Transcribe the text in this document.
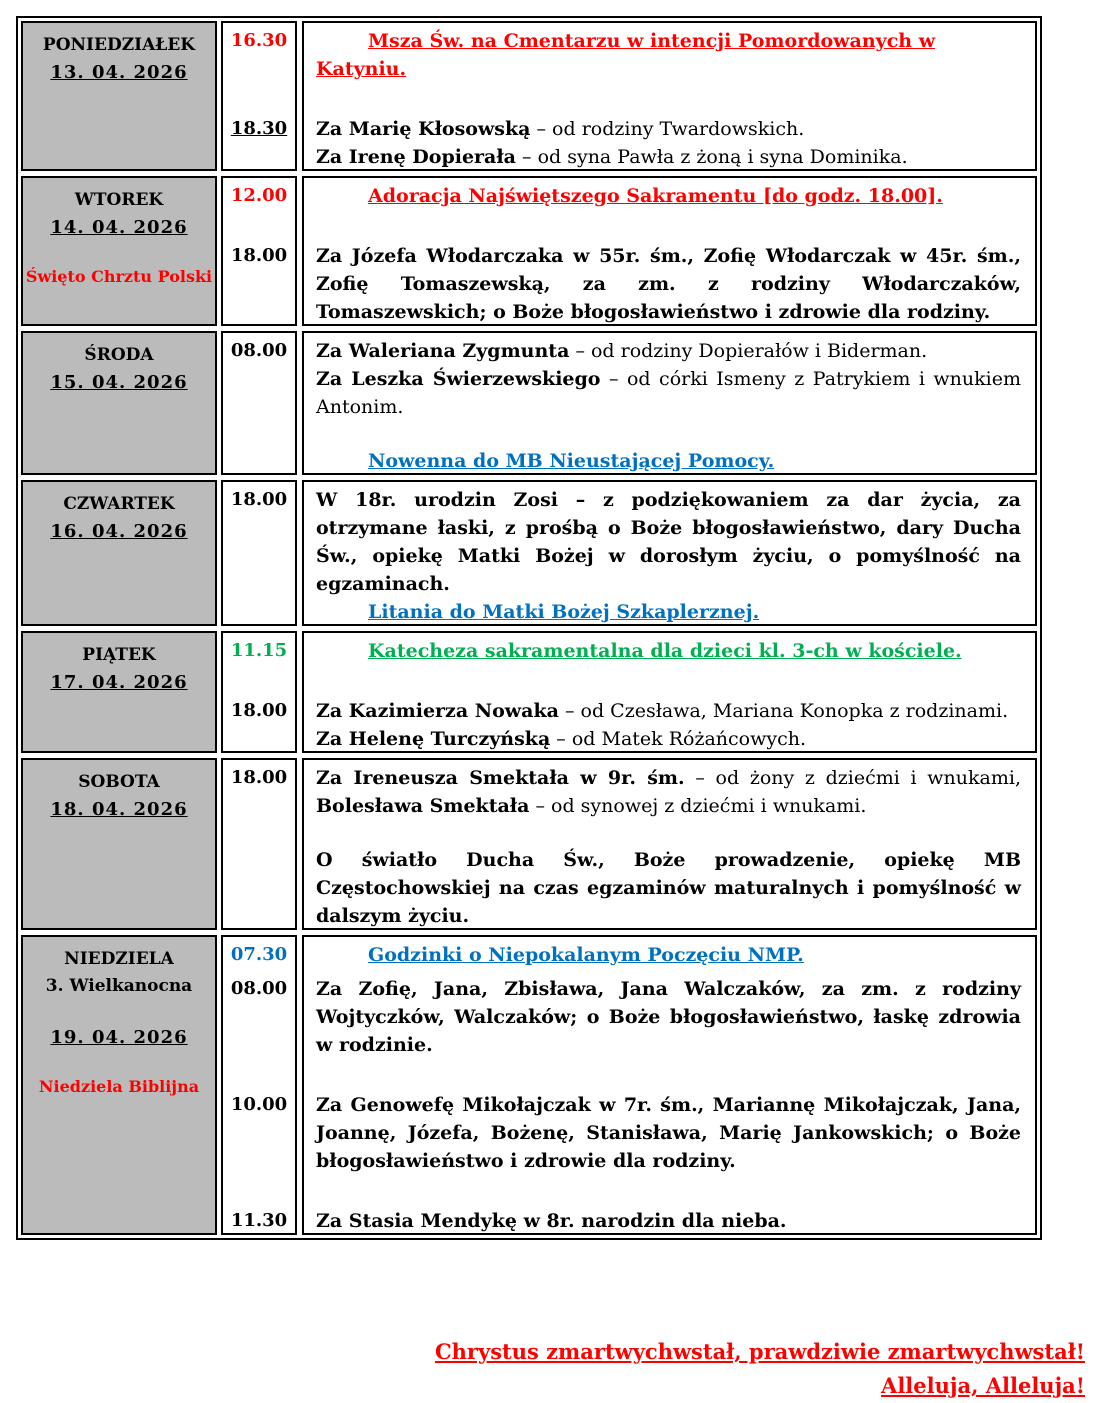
PONIEDZIAŁEK
13. 04. 2026
16.30	Msza Św. na Cmentarzu w intencji Pomordowanych w Katyniu.
18.30	Za Marię Kłosowską – od rodziny Twardowskich.
Za Irenę Dopierała – od syna Pawła z żoną i syna Dominika.
WTOREK
14. 04. 2026
Święto Chrztu Polski
12.00	Adoracja Najświętszego Sakramentu [do godz. 18.00].
18.00	Za Józefa Włodarczaka w 55r. śm., Zofię Włodarczak w 45r. śm., Zofię Tomaszewską, za zm. z rodziny Włodarczaków, Tomaszewskich; o Boże błogosławieństwo i zdrowie dla rodziny.
ŚRODA
15. 04. 2026
08.00	Za Waleriana Zygmunta – od rodziny Dopierałów i Biderman.
Za Leszka Świerzewskiego – od córki Ismeny z Patrykiem i wnukiem Antonim.
Nowenna do MB Nieustającej Pomocy.
CZWARTEK
16. 04. 2026
18.00	W 18r. urodzin Zosi – z podziękowaniem za dar życia, za otrzymane łaski, z prośbą o Boże błogosławieństwo, dary Ducha Św., opiekę Matki Bożej w dorosłym życiu, o pomyślność na egzaminach.
Litania do Matki Bożej Szkaplerznej.
PIĄTEK
17. 04. 2026
11.15	Katecheza sakramentalna dla dzieci kl. 3-ch w kościele.
18.00	Za Kazimierza Nowaka – od Czesława, Mariana Konopka z rodzinami.
Za Helenę Turczyńską – od Matek Różańcowych.
SOBOTA
18. 04. 2026
18.00	Za Ireneusza Smektała w 9r. śm. – od żony z dziećmi i wnukami, Bolesława Smektała – od synowej z dziećmi i wnukami.
O światło Ducha Św., Boże prowadzenie, opiekę MB Częstochowskiej na czas egzaminów maturalnych i pomyślność w dalszym życiu.
NIEDZIELA
3. Wielkanocna
19. 04. 2026
Niedziela Biblijna
07.30	Godzinki o Niepokalanym Poczęciu NMP.
08.00	Za Zofię, Jana, Zbisława, Jana Walczaków, za zm. z rodziny Wojtyczków, Walczaków; o Boże błogosławieństwo, łaskę zdrowia w rodzinie.
10.00	Za Genowefę Mikołajczak w 7r. śm., Mariannę Mikołajczak, Jana, Joannę, Józefa, Bożenę, Stanisława, Marię Jankowskich; o Boże błogosławieństwo i zdrowie dla rodziny.
11.30	Za Stasia Mendykę w 8r. narodzin dla nieba.
Chrystus zmartwychwstał, prawdziwie zmartwychwstał!
Alleluja, Alleluja!
